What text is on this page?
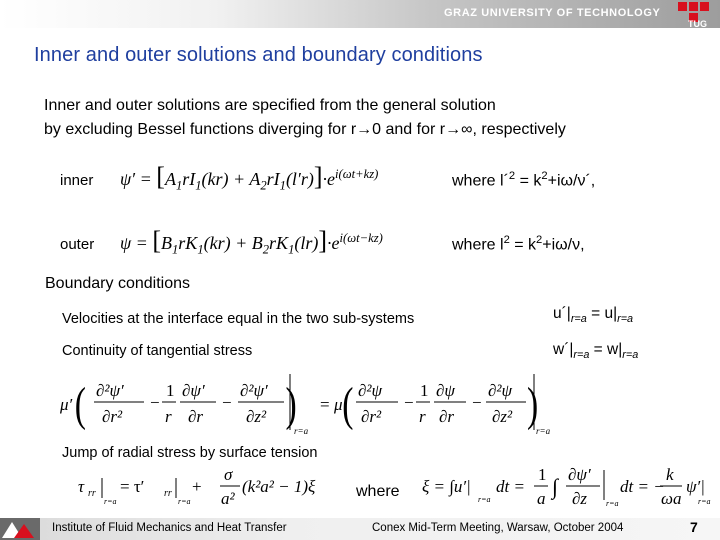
GRAZ UNIVERSITY OF TECHNOLOGY
TUG
Inner and outer solutions and boundary conditions
Inner and outer solutions are specified from the general solution
by excluding Bessel functions diverging for r→0 and for r→∞, respectively
inner $\psi' = [A_1rI_1(kr) + A_2rI_1(l'r)]\cdot e^{i(\omega t+kz)}$	where l´$^2$ = $k^2+i\omega/\nu´$,
outer $\psi = [B_1rK_1(kr) + B_2rK_1(lr)]\cdot e^{i(\omega t-kz)}$	where $l^2 = k^2+i\omega/\nu$,
Boundary conditions
Velocities at the interface equal in the two sub-systems	$u´|_{r=a} = u|_{r=a}$
Continuity of tangential stress	$w´|_{r=a} = w|_{r=a}$
μ′ ( ∂²ψ′
∂r²
−
1
r
∂ψ′
∂r
−
∂²ψ′
∂z² )
r=a
= μ ( ∂²ψ
∂r²
−
1
r
∂ψ
∂r
−
∂²ψ
∂z² )
r=a
Jump of radial stress by surface tension
τ rr
r=a
= τ′ rr
r=a
+
σ
a²
(k²a² − 1)ξ	where ξ = ∫u′|
r=a
dt =
1
a ∫ ∂ψ′
∂z r=a
dt = −
k
ωa
ψ′|
r=a
Institute of Fluid Mechanics and Heat Transfer	Conex Mid-Term Meeting, Warsaw, October 2004	7
